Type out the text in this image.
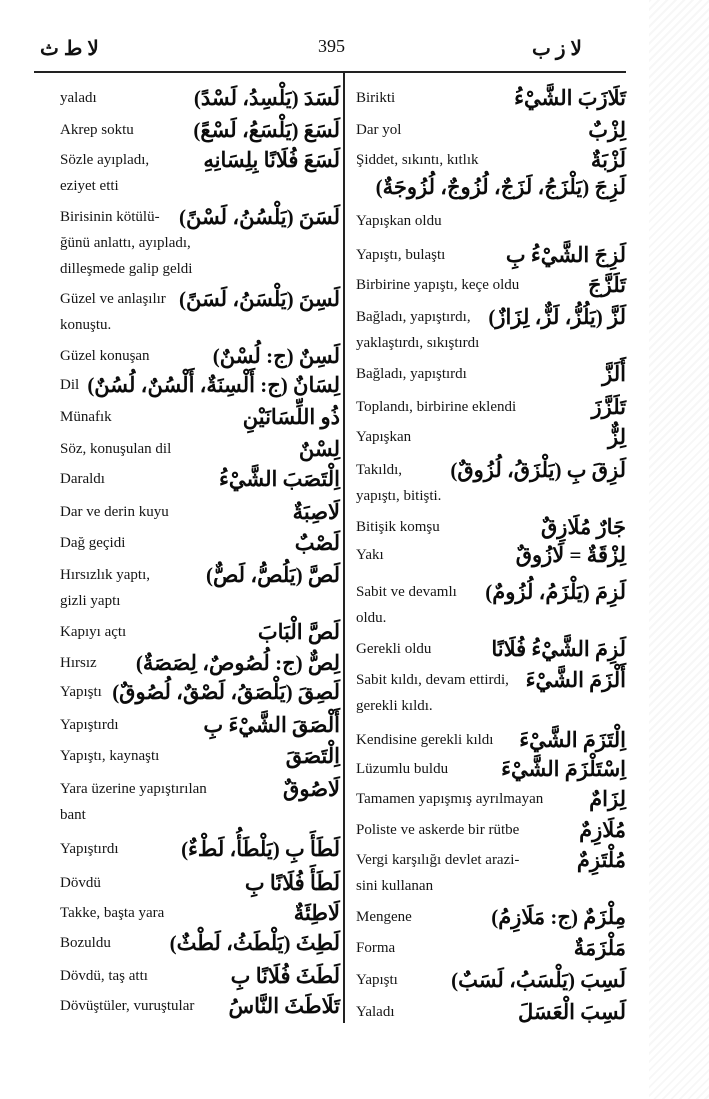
لا ط ث	395	لا ز ب
لَسَدَ (يَلْسِدُ، لَسْدً)
yaladı
لَسَعَ (يَلْسَعُ، لَسْعً)
Akrep soktu
لَسَعَ فُلَانًا بِلِسَانِهِ
Sözle ayıpladı,
eziyet etti
لَسَنَ (يَلْسُنُ، لَسْنً)
Birisinin kötülü-
ğünü anlattı, ayıpladı,
dilleşmede galip geldi
لَسِنَ (يَلْسَنُ، لَسَنً)
Güzel ve anlaşılır
konuştu.
لَسِنٌ (ج: لُسْنٌ)
Güzel konuşan
لِسَانٌ (ج: أَلْسِنَةٌ، أَلْسُنٌ، لُسُنٌ)
Dil
ذُو اللِّسَانَيْنِ
Münafık
لِسْنٌ
Söz, konuşulan dil
اِلْتَصَبَ الشَّيْءُ
Daraldı
لَاصِبَةٌ
Dar ve derin kuyu
لَصْبٌ
Dağ geçidi
لَصَّ (يَلُصُّ، لَصٌّ)
Hırsızlık yaptı,
gizli yaptı
لَصَّ الْبَابَ
Kapıyı açtı
لِصٌّ (ج: لُصُوصٌ، لِصَصَةٌ)
Hırsız
لَصِقَ (يَلْصَقُ، لَصْقٌ، لُصُوقٌ)
Yapıştı
أَلْصَقَ الشَّيْءَ بِ
Yapıştırdı
اِلْتَصَقَ
Yapıştı, kaynaştı
لَاصُوقٌ
Yara üzerine yapıştırılan
bant
لَطَأَ بِ (يَلْطَأُ، لَطْءٌ)
Yapıştırdı
لَطَأَ فُلَانًا بِ
Dövdü
لَاطِئَةٌ
Takke, başta yara
لَطِثَ (يَلْطَثُ، لَطْثٌ)
Bozuldu
لَطَثَ فُلَانًا بِ
Dövdü, taş attı
تَلَاطَثَ النَّاسُ
Dövüştüler, vuruştular
تَلَازَبَ الشَّيْءُ
Birikti
لِزْبٌ
Dar yol
لَزْبَةٌ
Şiddet, sıkıntı, kıtlık
لَزِجَ (يَلْزَجُ، لَزَجٌ، لُزُوجٌ، لُزُوجَةٌ)
Yapışkan oldu
لَزِجَ الشَّيْءُ بِ
Yapıştı, bulaştı
تَلَزَّجَ
Birbirine yapıştı, keçe oldu
لَزَّ (يَلُزُّ، لَزٌّ، لِزَازٌ)
Bağladı, yapıştırdı,
yaklaştırdı, sıkıştırdı
أَلَزَّ
Bağladı, yapıştırdı
تَلَزَّزَ
Toplandı, birbirine eklendi
لِزٌّ
Yapışkan
لَزِقَ بِ (يَلْزَقُ، لُزُوقٌ)
Takıldı,
yapıştı, bitişti.
جَارٌ مُلَازِقٌ
Bitişik komşu
لِزْقَةٌ = لَازُوقٌ
Yakı
لَزِمَ (يَلْزَمُ، لُزُومٌ)
Sabit ve devamlı
oldu.
لَزِمَ الشَّيْءُ فُلَانًا
Gerekli oldu
أَلْزَمَ الشَّيْءَ
Sabit kıldı, devam ettirdi,
gerekli kıldı.
اِلْتَزَمَ الشَّيْءَ
Kendisine gerekli kıldı
اِسْتَلْزَمَ الشَّيْءَ
Lüzumlu buldu
لِزَامٌ
Tamamen yapışmış ayrılmayan
مُلَازِمٌ
Poliste ve askerde bir rütbe
مُلْتَزِمٌ
Vergi karşılığı devlet arazi-
sini kullanan
مِلْزَمٌ (ج: مَلَازِمُ)
Mengene
مَلْزَمَةٌ
Forma
لَسِبَ (يَلْسَبُ، لَسَبٌ)
Yapıştı
لَسِبَ الْعَسَلَ
Yaladı
